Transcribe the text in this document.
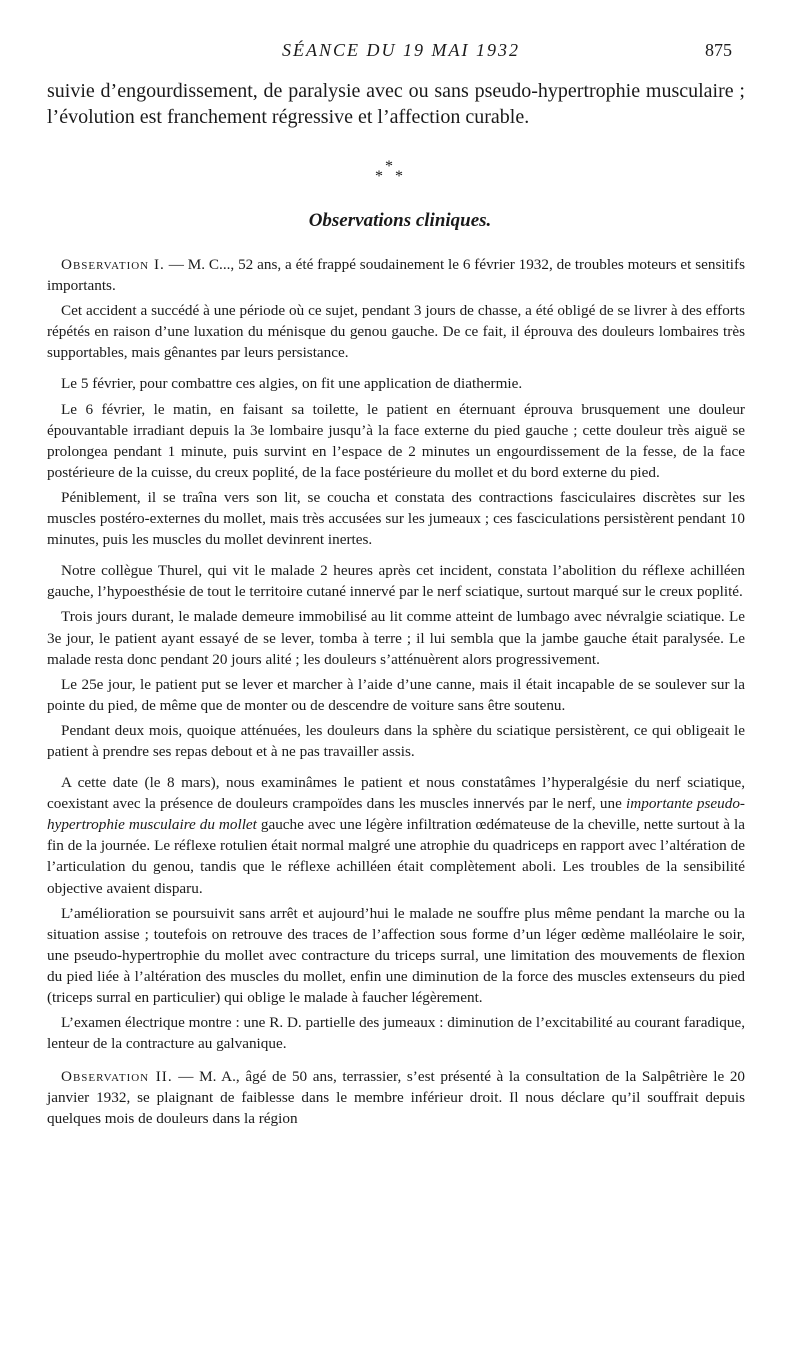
SÉANCE DU 19 MAI 1932	875

suivie d’engourdissement, de paralysie avec ou sans pseudo-hypertrophie musculaire ; l’évolution est franchement régressive et l’affection curable.

*
* *
Observations cliniques.

Observation I. — M. C..., 52 ans, a été frappé soudainement le 6 février 1932, de troubles moteurs et sensitifs importants.

Cet accident a succédé à une période où ce sujet, pendant 3 jours de chasse, a été obligé de se livrer à des efforts répétés en raison d’une luxation du ménisque du genou gauche. De ce fait, il éprouva des douleurs lombaires très supportables, mais gênantes par leurs persistance.

Le 5 février, pour combattre ces algies, on fit une application de diathermie.

Le 6 février, le matin, en faisant sa toilette, le patient en éternuant éprouva brusquement une douleur épouvantable irradiant depuis la 3e lombaire jusqu’à la face externe du pied gauche ; cette douleur très aiguë se prolongea pendant 1 minute, puis survint en l’espace de 2 minutes un engourdissement de la fesse, de la face postérieure de la cuisse, du creux poplité, de la face postérieure du mollet et du bord externe du pied.

Péniblement, il se traîna vers son lit, se coucha et constata des contractions fasciculaires discrètes sur les muscles postéro-externes du mollet, mais très accusées sur les jumeaux ; ces fasciculations persistèrent pendant 10 minutes, puis les muscles du mollet devinrent inertes.

Notre collègue Thurel, qui vit le malade 2 heures après cet incident, constata l’abolition du réflexe achilléen gauche, l’hypoesthésie de tout le territoire cutané innervé par le nerf sciatique, surtout marqué sur le creux poplité.

Trois jours durant, le malade demeure immobilisé au lit comme atteint de lumbago avec névralgie sciatique. Le 3e jour, le patient ayant essayé de se lever, tomba à terre ; il lui sembla que la jambe gauche était paralysée. Le malade resta donc pendant 20 jours alité ; les douleurs s’atténuèrent alors progressivement.

Le 25e jour, le patient put se lever et marcher à l’aide d’une canne, mais il était incapable de se soulever sur la pointe du pied, de même que de monter ou de descendre de voiture sans être soutenu.

Pendant deux mois, quoique atténuées, les douleurs dans la sphère du sciatique persistèrent, ce qui obligeait le patient à prendre ses repas debout et à ne pas travailler assis.

A cette date (le 8 mars), nous examinâmes le patient et nous constatâmes l’hyperalgésie du nerf sciatique, coexistant avec la présence de douleurs crampoïdes dans les muscles innervés par le nerf, une importante pseudo-hypertrophie musculaire du mollet gauche avec une légère infiltration œdémateuse de la cheville, nette surtout à la fin de la journée. Le réflexe rotulien était normal malgré une atrophie du quadriceps en rapport avec l’altération de l’articulation du genou, tandis que le réflexe achilléen était complètement aboli. Les troubles de la sensibilité objective avaient disparu.

L’amélioration se poursuivit sans arrêt et aujourd’hui le malade ne souffre plus même pendant la marche ou la situation assise ; toutefois on retrouve des traces de l’affection sous forme d’un léger œdème malléolaire le soir, une pseudo-hypertrophie du mollet avec contracture du triceps surral, une limitation des mouvements de flexion du pied liée à l’altération des muscles du mollet, enfin une diminution de la force des muscles extenseurs du pied (triceps surral en particulier) qui oblige le malade à faucher légèrement.

L’examen électrique montre : une R. D. partielle des jumeaux : diminution de l’excitabilité au courant faradique, lenteur de la contracture au galvanique.

Observation II. — M. A., âgé de 50 ans, terrassier, s’est présenté à la consultation de la Salpêtrière le 20 janvier 1932, se plaignant de faiblesse dans le membre inférieur droit. Il nous déclare qu’il souffrait depuis quelques mois de douleurs dans la région
